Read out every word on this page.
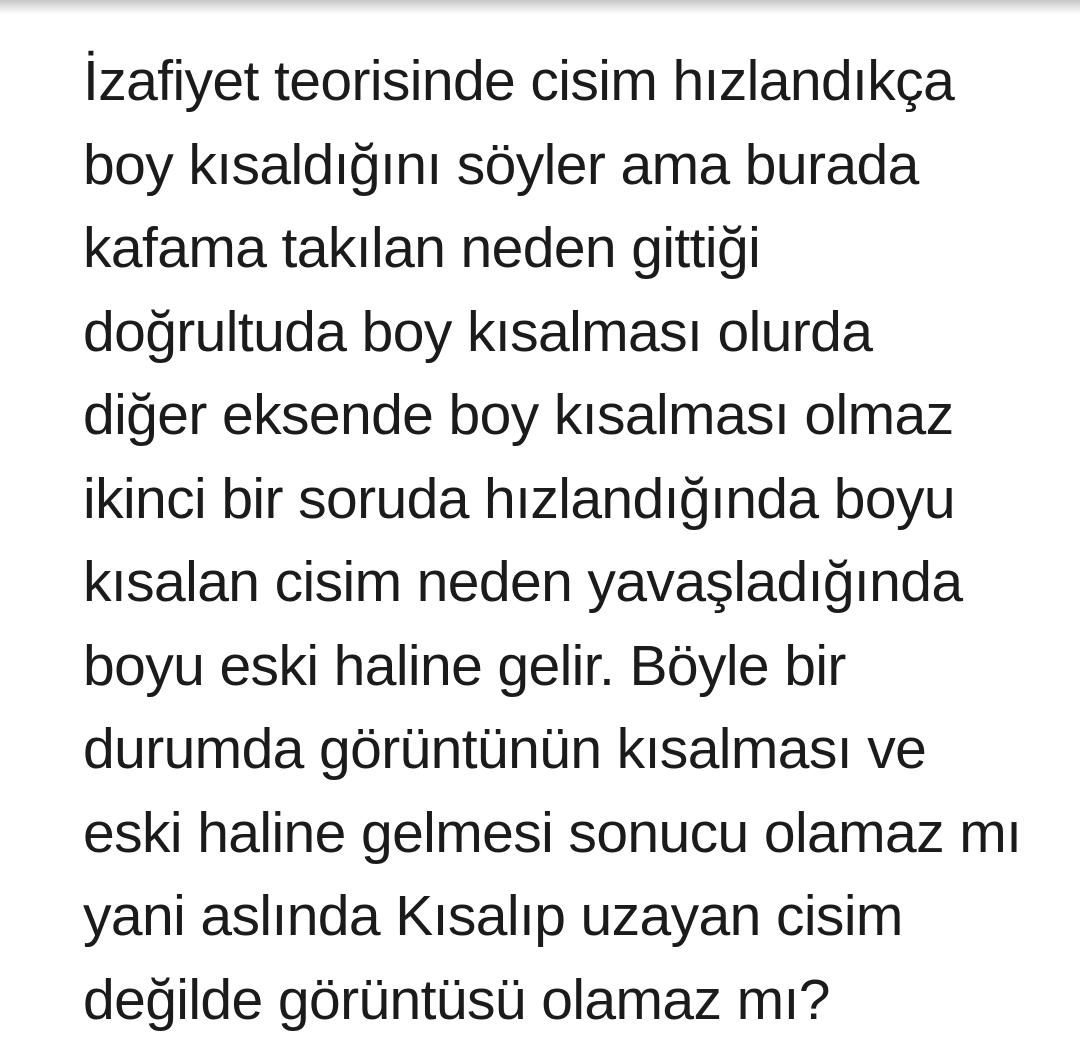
İzafiyet teorisinde cisim hızlandıkça
boy kısaldığını söyler ama burada
kafama takılan neden gittiği
doğrultuda boy kısalması olurda
diğer eksende boy kısalması olmaz
ikinci bir soruda hızlandığında boyu
kısalan cisim neden yavaşladığında
boyu eski haline gelir. Böyle bir
durumda görüntünün kısalması ve
eski haline gelmesi sonucu olamaz mı
yani aslında Kısalıp uzayan cisim
değilde görüntüsü olamaz mı?
